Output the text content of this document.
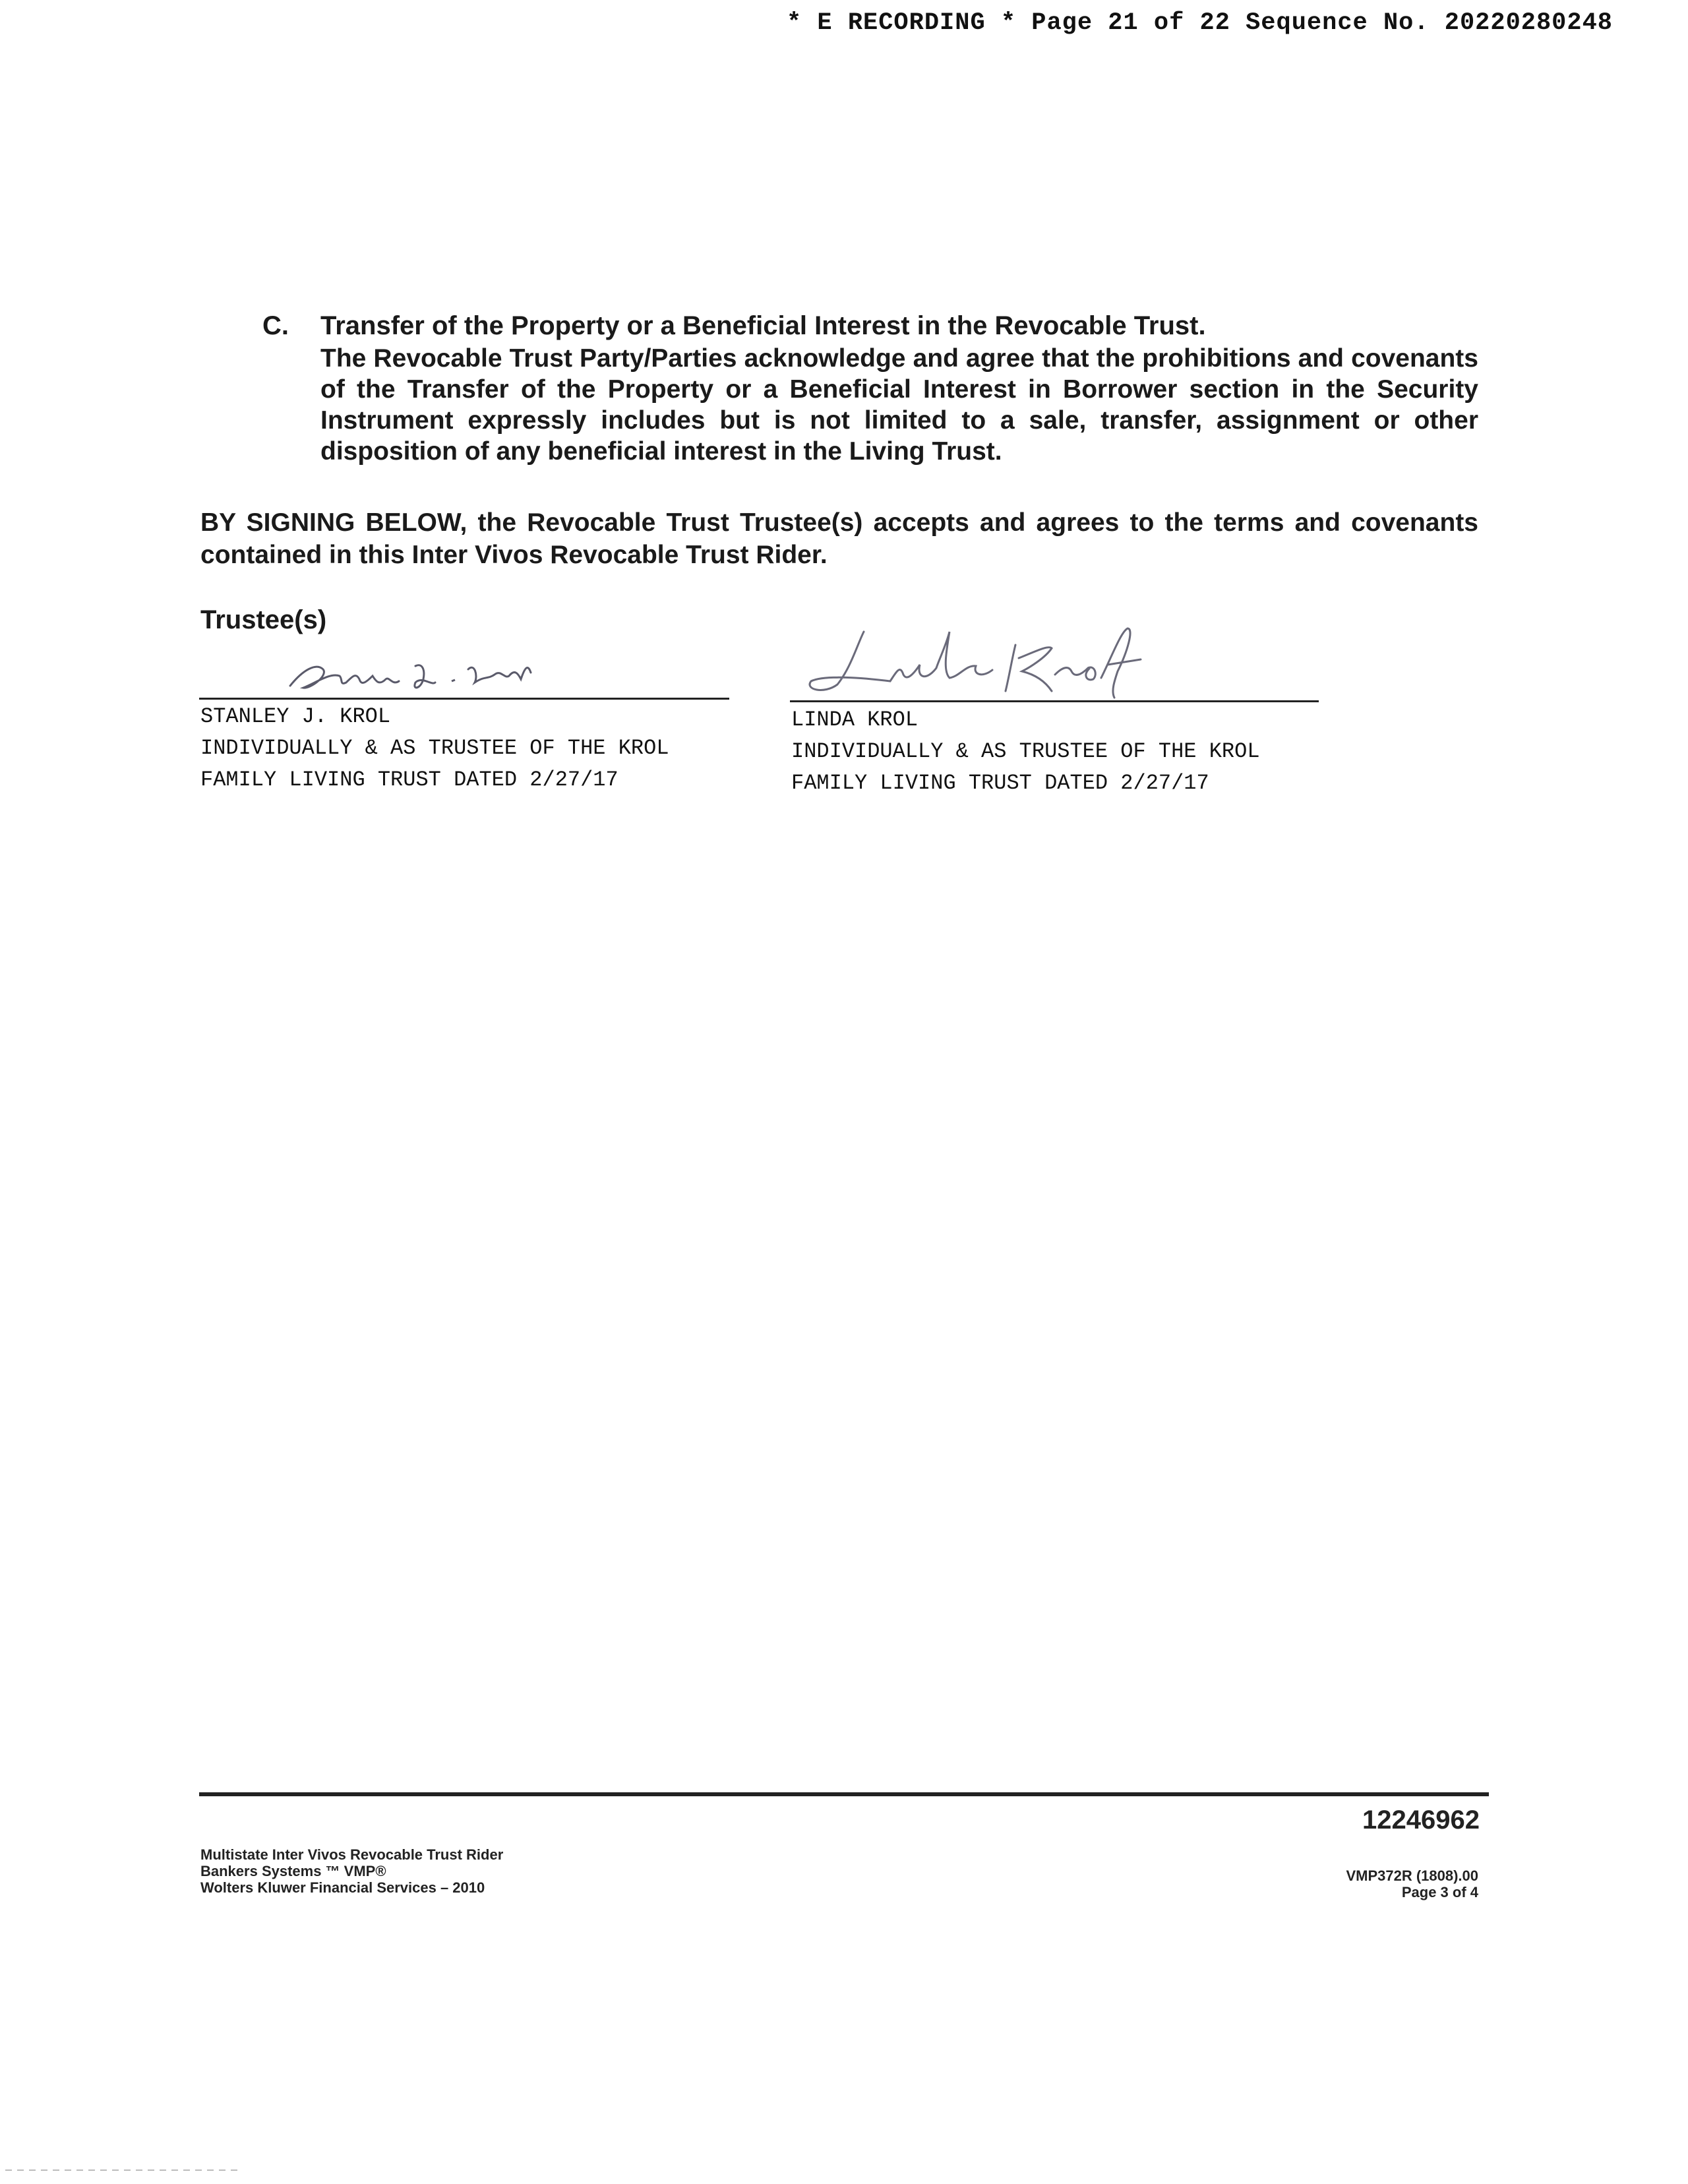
* E RECORDING * Page 21 of 22 Sequence No. 20220280248
C. Transfer of the Property or a Beneficial Interest in the Revocable Trust.

The Revocable Trust Party/Parties acknowledge and agree that the prohibitions and covenants of the Transfer of the Property or a Beneficial Interest in Borrower section in the Security Instrument expressly includes but is not limited to a sale, transfer, assignment or other disposition of any beneficial interest in the Living Trust.

BY SIGNING BELOW, the Revocable Trust Trustee(s) accepts and agrees to the terms and covenants contained in this Inter Vivos Revocable Trust Rider.

Trustee(s)
STANLEY J. KROL
INDIVIDUALLY & AS TRUSTEE OF THE KROL
FAMILY LIVING TRUST DATED 2/27/17
LINDA KROL
INDIVIDUALLY & AS TRUSTEE OF THE KROL
FAMILY LIVING TRUST DATED 2/27/17
12246962
Multistate Inter Vivos Revocable Trust Rider
Bankers Systems ™ VMP®
Wolters Kluwer Financial Services – 2010
VMP372R (1808).00
Page 3 of 4
